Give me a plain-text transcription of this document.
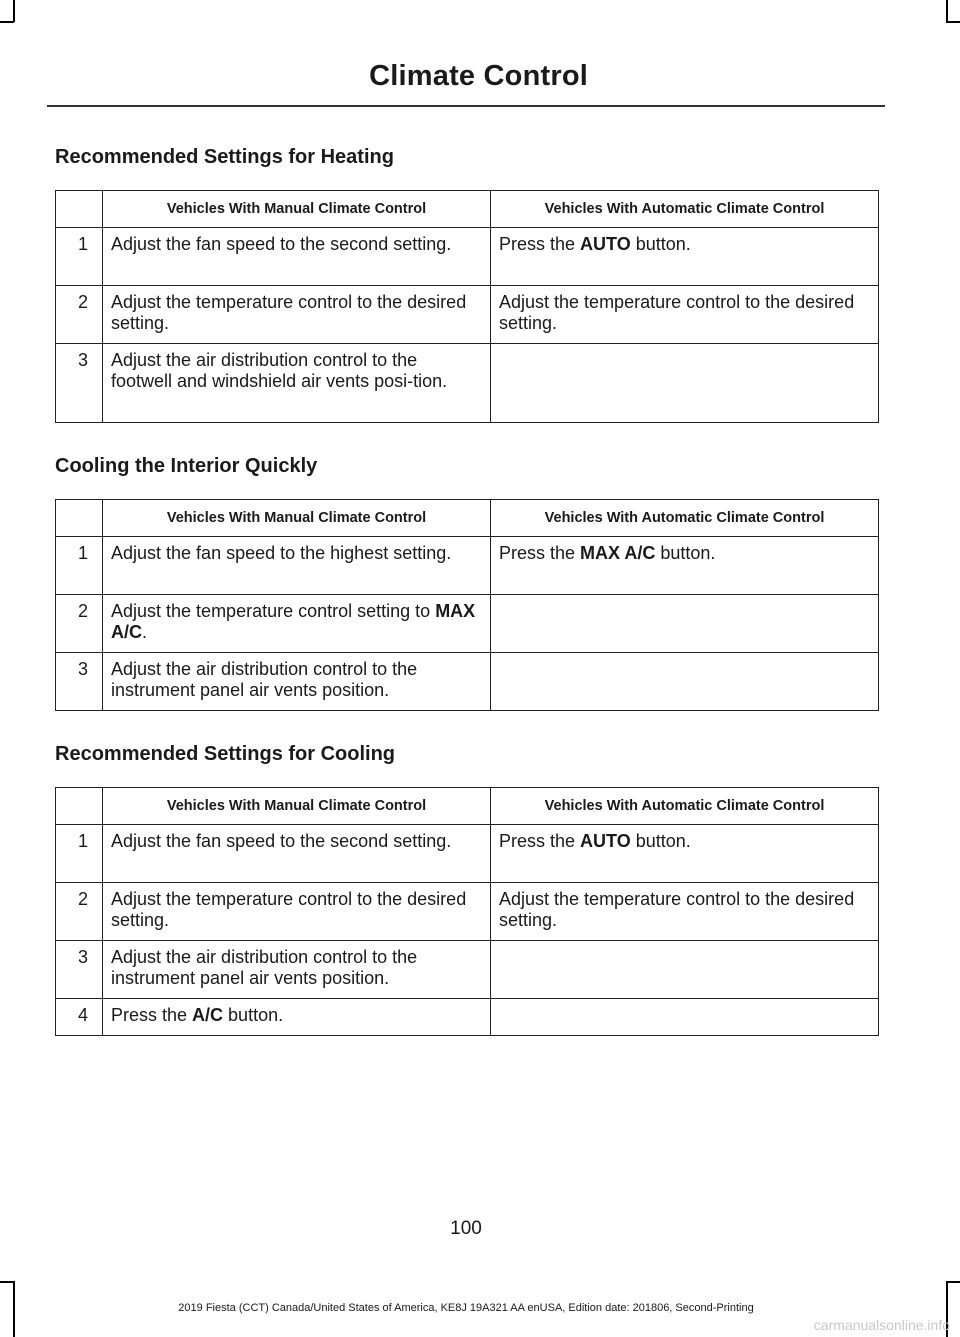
Climate Control
Recommended Settings for Heating
	Vehicles With Manual Climate Control	Vehicles With Automatic Climate Control
1	Adjust the fan speed to the second setting.	Press the AUTO button.
2	Adjust the temperature control to the desired setting.	Adjust the temperature control to the desired setting.
3	Adjust the air distribution control to the footwell and windshield air vents posi-tion.	
Cooling the Interior Quickly
	Vehicles With Manual Climate Control	Vehicles With Automatic Climate Control
1	Adjust the fan speed to the highest setting.	Press the MAX A/C button.
2	Adjust the temperature control setting to MAX A/C.	
3	Adjust the air distribution control to the instrument panel air vents position.	
Recommended Settings for Cooling
	Vehicles With Manual Climate Control	Vehicles With Automatic Climate Control
1	Adjust the fan speed to the second setting.	Press the AUTO button.
2	Adjust the temperature control to the desired setting.	Adjust the temperature control to the desired setting.
3	Adjust the air distribution control to the instrument panel air vents position.	
4	Press the A/C button.	
100
2019 Fiesta (CCT) Canada/United States of America, KE8J 19A321 AA enUSA, Edition date: 201806, Second-Printing
carmanualsonline.info
